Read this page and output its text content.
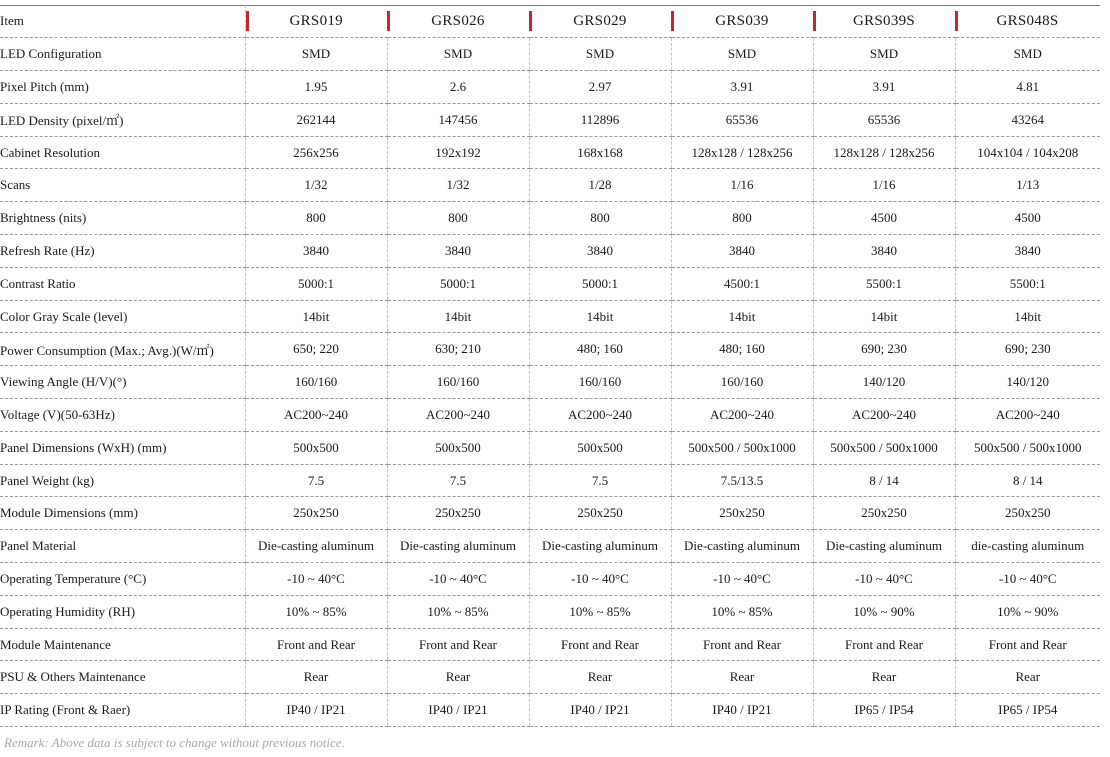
Item	GRS019	GRS026	GRS029	GRS039	GRS039S	GRS048S
LED Configuration	SMD	SMD	SMD	SMD	SMD	SMD
Pixel Pitch (mm)	1.95	2.6	2.97	3.91	3.91	4.81
LED Density (pixel/㎡)	262144	147456	112896	65536	65536	43264
Cabinet Resolution	256x256	192x192	168x168	128x128 / 128x256	128x128 / 128x256	104x104 / 104x208
Scans	1/32	1/32	1/28	1/16	1/16	1/13
Brightness (nits)	800	800	800	800	4500	4500
Refresh Rate (Hz)	3840	3840	3840	3840	3840	3840
Contrast Ratio	5000:1	5000:1	5000:1	4500:1	5500:1	5500:1
Color Gray Scale (level)	14bit	14bit	14bit	14bit	14bit	14bit
Power Consumption (Max.; Avg.)(W/㎡)	650; 220	630; 210	480; 160	480; 160	690; 230	690; 230
Viewing Angle (H/V)(°)	160/160	160/160	160/160	160/160	140/120	140/120
Voltage (V)(50-63Hz)	AC200~240	AC200~240	AC200~240	AC200~240	AC200~240	AC200~240
Panel Dimensions (WxH) (mm)	500x500	500x500	500x500	500x500 / 500x1000	500x500 / 500x1000	500x500 / 500x1000
Panel Weight (kg)	7.5	7.5	7.5	7.5/13.5	8 / 14	8 / 14
Module Dimensions (mm)	250x250	250x250	250x250	250x250	250x250	250x250
Panel Material	Die-casting aluminum	Die-casting aluminum	Die-casting aluminum	Die-casting aluminum	Die-casting aluminum	die-casting aluminum
Operating Temperature (°C)	-10 ~ 40°C	-10 ~ 40°C	-10 ~ 40°C	-10 ~ 40°C	-10 ~ 40°C	-10 ~ 40°C
Operating Humidity (RH)	10% ~ 85%	10% ~ 85%	10% ~ 85%	10% ~ 85%	10% ~ 90%	10% ~ 90%
Module Maintenance	Front and Rear	Front and Rear	Front and Rear	Front and Rear	Front and Rear	Front and Rear
PSU & Others Maintenance	Rear	Rear	Rear	Rear	Rear	Rear
IP Rating (Front & Raer)	IP40 / IP21	IP40 / IP21	IP40 / IP21	IP40 / IP21	IP65 / IP54	IP65 / IP54
Remark: Above data is subject to change without previous notice.
